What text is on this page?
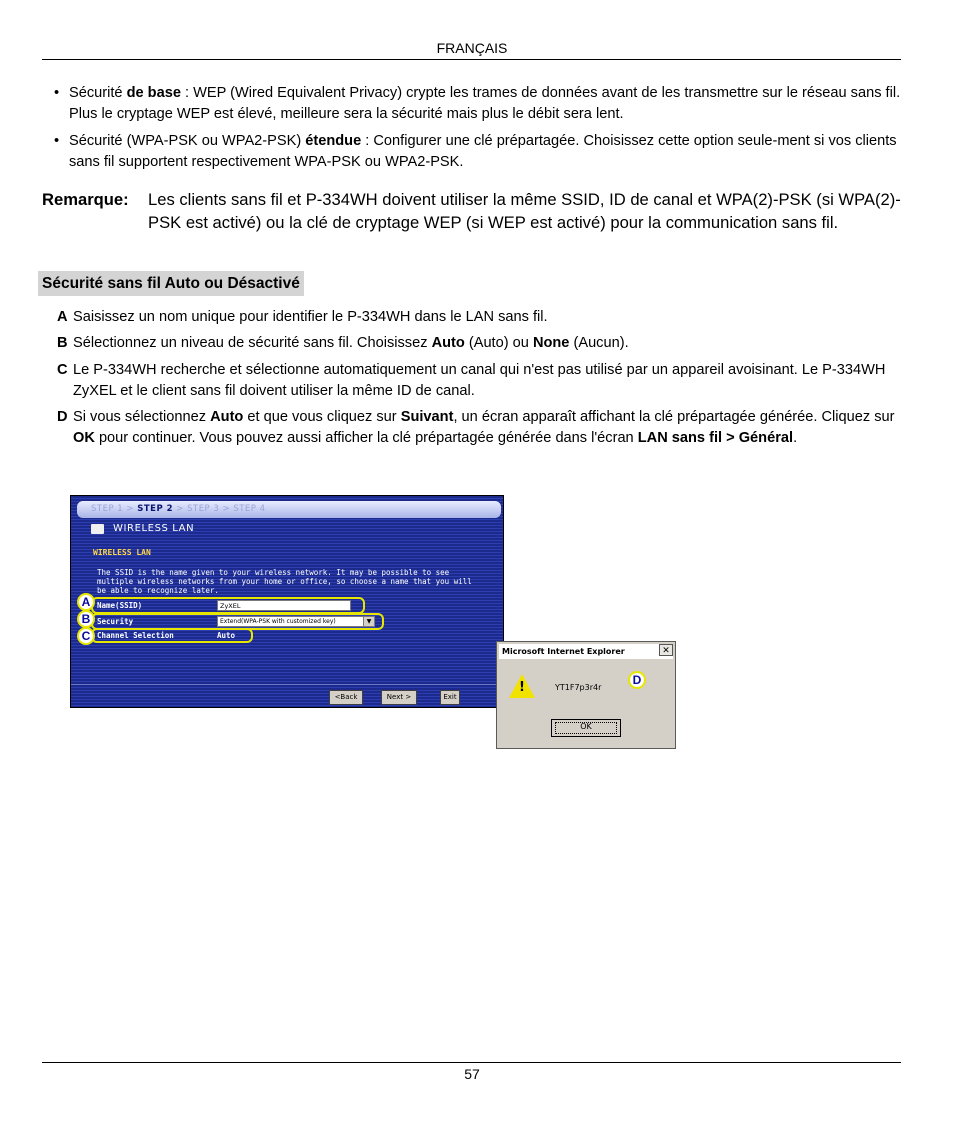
FRANÇAIS
• Sécurité de base : WEP (Wired Equivalent Privacy) crypte les trames de données avant de les transmettre sur le réseau sans fil. Plus le cryptage WEP est élevé, meilleure sera la sécurité mais plus le débit sera lent.
• Sécurité (WPA-PSK ou WPA2-PSK) étendue : Configurer une clé prépartagée. Choisissez cette option seule-ment si vos clients sans fil supportent respectivement WPA-PSK ou WPA2-PSK.
Remarque: Les clients sans fil et P-334WH doivent utiliser la même SSID, ID de canal et WPA(2)-PSK (si WPA(2)-PSK est activé) ou la clé de cryptage WEP (si WEP est activé) pour la communication sans fil.
Sécurité sans fil Auto ou Désactivé
A Saisissez un nom unique pour identifier le P-334WH dans le LAN sans fil.
B Sélectionnez un niveau de sécurité sans fil. Choisissez Auto (Auto) ou None (Aucun).
C Le P-334WH recherche et sélectionne automatiquement un canal qui n'est pas utilisé par un appareil avoisinant. Le P-334WH ZyXEL et le client sans fil doivent utiliser la même ID de canal.
D Si vous sélectionnez Auto et que vous cliquez sur Suivant, un écran apparaît affichant la clé prépartagée générée. Cliquez sur OK pour continuer. Vous pouvez aussi afficher la clé prépartagée générée dans l'écran LAN sans fil > Général.
STEP 1 > STEP 2 > STEP 3 > STEP 4
WIRELESS LAN
WIRELESS LAN
The SSID is the name given to your wireless network. It may be possible to see multiple wireless networks from your home or office, so choose a name that you will be able to recognize later.
Name(SSID)	ZyXEL
Security	Extend(WPA-PSK with customized key)	▼
Channel Selection	Auto
A
B
C
<Back	Next >	Exit
Microsoft Internet Explorer	✕
!	YT1F7p3r4r
D
OK
57
